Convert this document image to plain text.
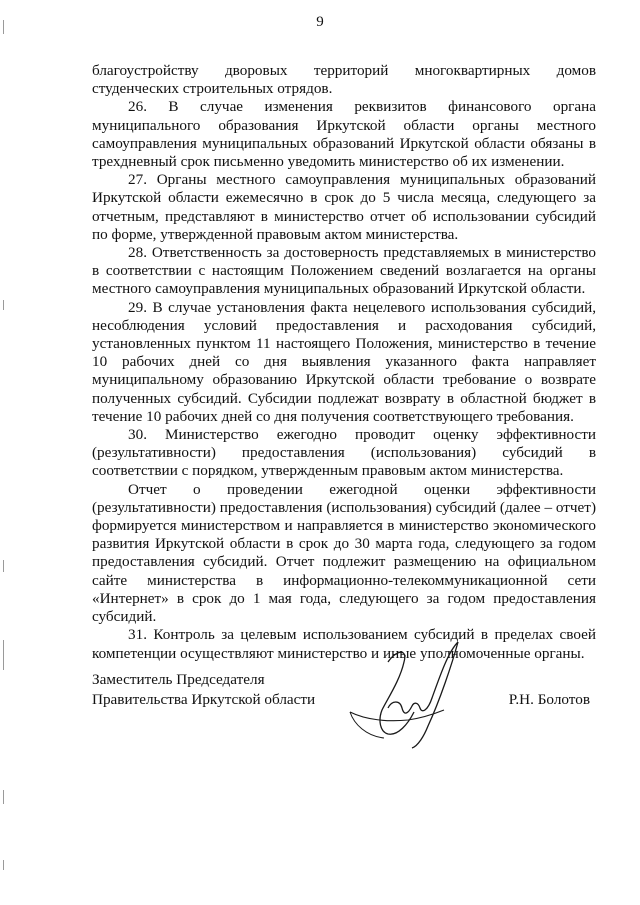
9

благоустройству дворовых территорий многоквартирных домов студенческих строительных отрядов.

26. В случае изменения реквизитов финансового органа муниципального образования Иркутской области органы местного самоуправления муниципальных образований Иркутской области обязаны в трехдневный срок письменно уведомить министерство об их изменении.

27. Органы местного самоуправления муниципальных образований Иркутской области ежемесячно в срок до 5 числа месяца, следующего за отчетным, представляют в министерство отчет об использовании субсидий по форме, утвержденной правовым актом министерства.

28. Ответственность за достоверность представляемых в министерство в соответствии с настоящим Положением сведений возлагается на органы местного самоуправления муниципальных образований Иркутской области.

29. В случае установления факта нецелевого использования субсидий, несоблюдения условий предоставления и расходования субсидий, установленных пунктом 11 настоящего Положения, министерство в течение 10 рабочих дней со дня выявления указанного факта направляет муниципальному образованию Иркутской области требование о возврате полученных субсидий. Субсидии подлежат возврату в областной бюджет в течение 10 рабочих дней со дня получения соответствующего требования.

30. Министерство ежегодно проводит оценку эффективности (результативности) предоставления (использования) субсидий в соответствии с порядком, утвержденным правовым актом министерства.

Отчет о проведении ежегодной оценки эффективности (результативности) предоставления (использования) субсидий (далее – отчет) формируется министерством и направляется в министерство экономического развития Иркутской области в срок до 30 марта года, следующего за годом предоставления субсидий. Отчет подлежит размещению на официальном сайте министерства в информационно-телекоммуникационной сети «Интернет» в срок до 1 мая года, следующего за годом предоставления субсидий.

31. Контроль за целевым использованием субсидий в пределах своей компетенции осуществляют министерство и иные уполномоченные органы.

Заместитель Председателя
Правительства Иркутской области	Р.Н. Болотов
